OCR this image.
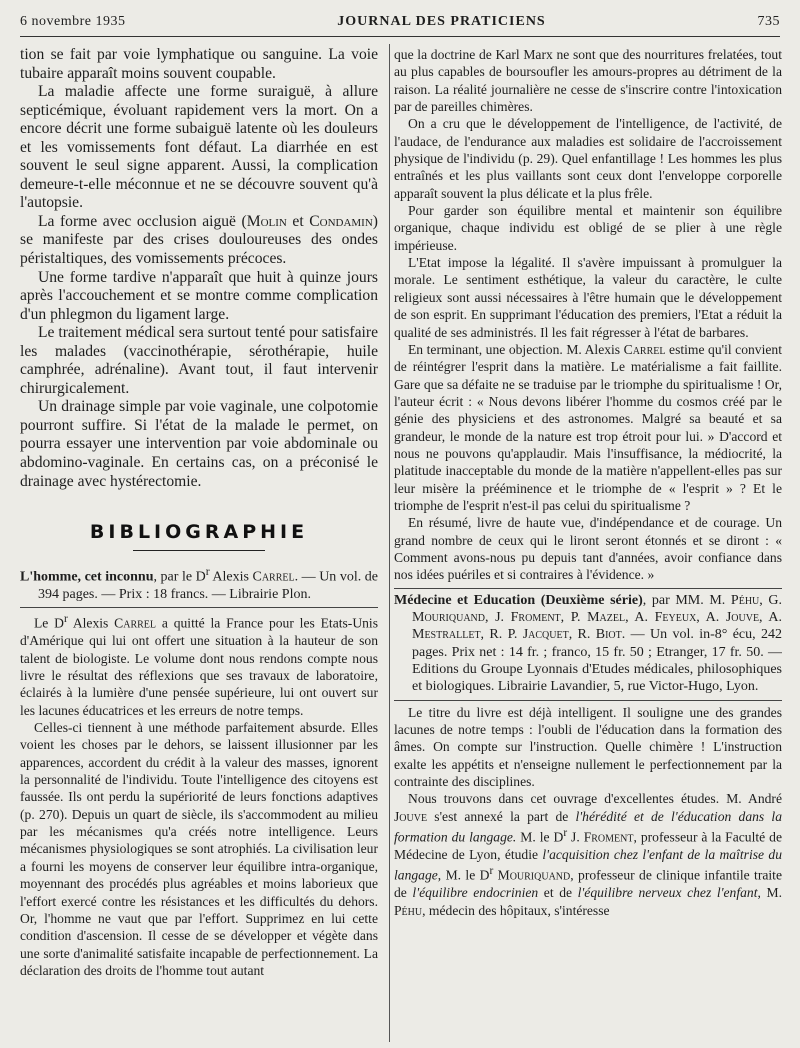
6 novembre 1935	JOURNAL DES PRATICIENS	735

tion se fait par voie lymphatique ou sanguine. La voie tubaire apparaît moins souvent coupable.

La maladie affecte une forme suraiguë, à allure septicémique, évoluant rapidement vers la mort. On a encore décrit une forme subaiguë latente où les douleurs et les vomissements font défaut. La diarrhée en est souvent le seul signe apparent. Aussi, la complication demeure-t-elle méconnue et ne se découvre souvent qu'à l'autopsie.

La forme avec occlusion aiguë (Molin et Condamin) se manifeste par des crises douloureuses des ondes péristaltiques, des vomissements précoces.

Une forme tardive n'apparaît que huit à quinze jours après l'accouchement et se montre comme complication d'un phlegmon du ligament large.

Le traitement médical sera surtout tenté pour satisfaire les malades (vaccinothérapie, sérothérapie, huile camphrée, adrénaline). Avant tout, il faut intervenir chirurgicalement.

Un drainage simple par voie vaginale, une colpotomie pourront suffire. Si l'état de la malade le permet, on pourra essayer une intervention par voie abdominale ou abdomino-vaginale. En certains cas, on a préconisé le drainage avec hystérectomie.

BIBLIOGRAPHIE

L'homme, cet inconnu, par le $D^r$ Alexis Carrel. — Un vol. de 394 pages. — Prix : 18 francs. — Librairie Plon.

Le $D^r$ Alexis Carrel a quitté la France pour les Etats-Unis d'Amérique qui lui ont offert une situation à la hauteur de son talent de biologiste. Le volume dont nous rendons compte nous livre le résultat des réflexions que ses travaux de laboratoire, éclairés à la lumière d'une pensée supérieure, lui ont ouvert sur les lacunes éducatrices et les erreurs de notre temps.

Celles-ci tiennent à une méthode parfaitement absurde. Elles voient les choses par le dehors, se laissent illusionner par les apparences, accordent du crédit à la valeur des masses, ignorent la personnalité de l'individu. Toute l'intelligence des citoyens est faussée. Ils ont perdu la supériorité de leurs fonctions adaptives (p. 270). Depuis un quart de siècle, ils s'accommodent au milieu par les mécanismes qu'a créés notre intelligence. Leurs mécanismes physiologiques se sont atrophiés. La civilisation leur a fourni les moyens de conserver leur équilibre intra-organique, moyennant des procédés plus agréables et moins laborieux que l'effort exercé contre les résistances et les difficultés du dehors. Or, l'homme ne vaut que par l'effort. Supprimez en lui cette condition d'ascension. Il cesse de se développer et végète dans une sorte d'animalité satisfaite incapable de perfectionnement. La déclaration des droits de l'homme tout autant

que la doctrine de Karl Marx ne sont que des nourritures frelatées, tout au plus capables de boursoufler les amours-propres au détriment de la raison. La réalité journalière ne cesse de s'inscrire contre l'intoxication par de pareilles chimères.

On a cru que le développement de l'intelligence, de l'activité, de l'audace, de l'endurance aux maladies est solidaire de l'accroissement physique de l'individu (p. 29). Quel enfantillage ! Les hommes les plus entraînés et les plus vaillants sont ceux dont l'enveloppe corporelle apparaît souvent la plus délicate et la plus frêle.

Pour garder son équilibre mental et maintenir son équilibre organique, chaque individu est obligé de se plier à une règle impérieuse.

L'Etat impose la légalité. Il s'avère impuissant à promulguer la morale. Le sentiment esthétique, la valeur du caractère, le culte religieux sont aussi nécessaires à l'être humain que le développement de son esprit. En supprimant l'éducation des premiers, l'Etat a réduit la qualité de ses administrés. Il les fait régresser à l'état de barbares.

En terminant, une objection. M. Alexis Carrel estime qu'il convient de réintégrer l'esprit dans la matière. Le matérialisme a fait faillite. Gare que sa défaite ne se traduise par le triomphe du spiritualisme ! Or, l'auteur écrit : « Nous devons libérer l'homme du cosmos créé par le génie des physiciens et des astronomes. Malgré sa beauté et sa grandeur, le monde de la nature est trop étroit pour lui. » D'accord et nous ne pouvons qu'applaudir. Mais l'insuffisance, la médiocrité, la platitude inacceptable du monde de la matière n'appellent-elles pas sur leur misère la prééminence et le triomphe de « l'esprit » ? Et le triomphe de l'esprit n'est-il pas celui du spiritualisme ?

En résumé, livre de haute vue, d'indépendance et de courage. Un grand nombre de ceux qui le liront seront étonnés et se diront : « Comment avons-nous pu depuis tant d'années, avoir confiance dans nos idées puériles et si contraires à l'évidence. »

Médecine et Education (Deuxième série), par MM. M. Péhu, G. Mouriquand, J. Froment, P. Mazel, A. Feyeux, A. Jouve, A. Mestrallet, R. P. Jacquet, R. Biot. — Un vol. in-8° écu, 242 pages. Prix net : 14 fr. ; franco, 15 fr. 50 ; Etranger, 17 fr. 50. — Editions du Groupe Lyonnais d'Etudes médicales, philosophiques et biologiques. Librairie Lavandier, 5, rue Victor-Hugo, Lyon.

Le titre du livre est déjà intelligent. Il souligne une des grandes lacunes de notre temps : l'oubli de l'éducation dans la formation des âmes. On compte sur l'instruction. Quelle chimère ! L'instruction exalte les appétits et n'enseigne nullement le perfectionnement par la contrainte des disciplines.

Nous trouvons dans cet ouvrage d'excellentes études. M. André Jouve s'est annexé la part de l'hérédité et de l'éducation dans la formation du langage. M. le $D^r$ J. Froment, professeur à la Faculté de Médecine de Lyon, étudie l'acquisition chez l'enfant de la maîtrise du langage, M. le $D^r$ Mouriquand, professeur de clinique infantile traite de l'équilibre endocrinien et de l'équilibre nerveux chez l'enfant, M. Péhu, médecin des hôpitaux, s'intéresse
